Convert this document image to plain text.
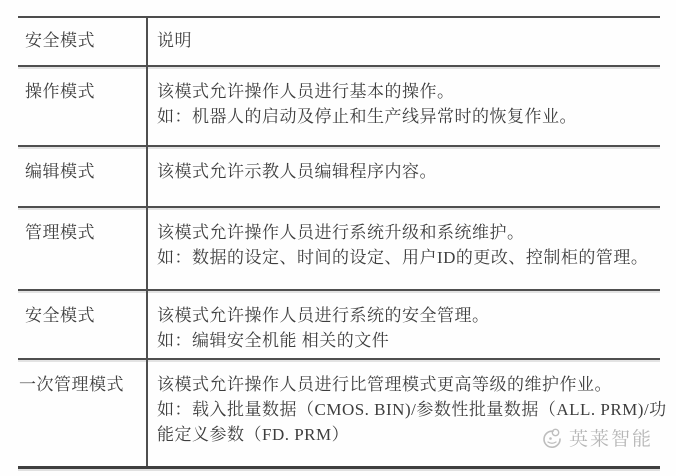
安全模式	说明
操作模式	该模式允许操作人员进行基本的操作。
如：机器人的启动及停止和生产线异常时的恢复作业。
编辑模式	该模式允许示教人员编辑程序内容。
管理模式	该模式允许操作人员进行系统升级和系统维护。
如：数据的设定、时间的设定、用户ID的更改、控制柜的管理。
安全模式	该模式允许操作人员进行系统的安全管理。
如：编辑安全机能 相关的文件
一次管理模式	该模式允许操作人员进行比管理模式更高等级的维护作业。
如：载入批量数据（CMOS. BIN)/参数性批量数据（ALL. PRM)/功
能定义参数（FD. PRM）	英莱智能
